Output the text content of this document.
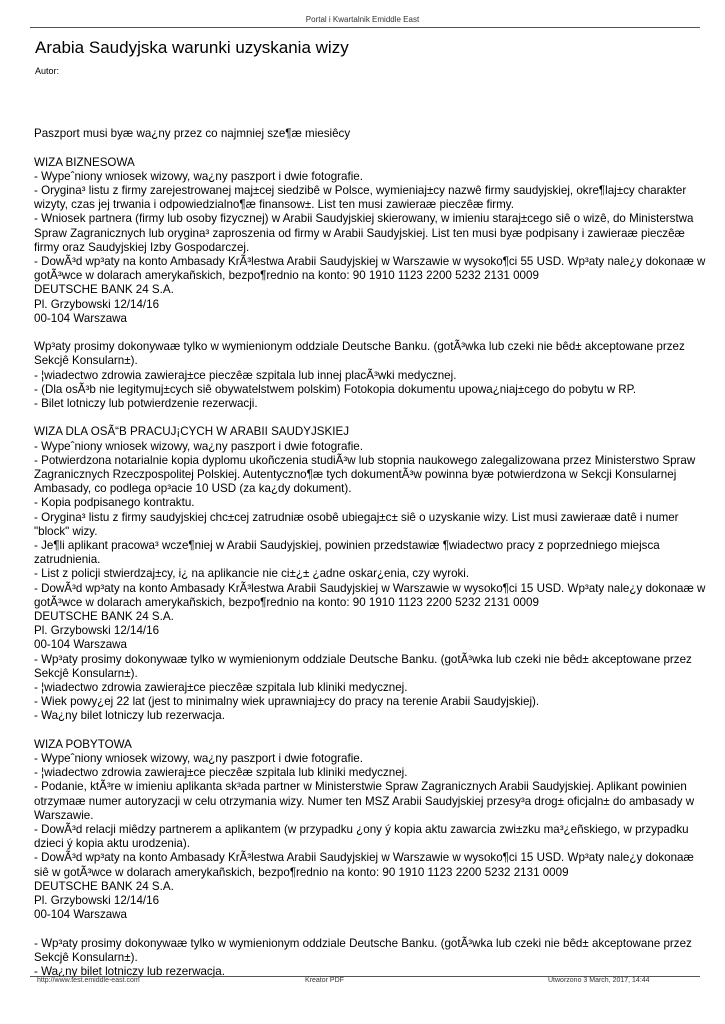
Portal i Kwartalnik Emiddle East
Arabia Saudyjska warunki uzyskania wizy
Autor:
Paszport musi byæ wa¿ny przez co najmniej sze¶æ miesiêcy
WIZA BIZNESOWA
- Wypeˆniony wniosek wizowy, wa¿ny paszport i dwie fotografie.
- Orygina³ listu z firmy zarejestrowanej maj±cej siedzibê w Polsce, wymieniaj±cy nazwê firmy saudyjskiej, okre¶laj±cy charakter wizyty, czas jej trwania i odpowiedzialno¶æ finansow±. List ten musi zawieraæ pieczêæ firmy.
- Wniosek partnera (firmy lub osoby fizycznej) w Arabii Saudyjskiej skierowany, w imieniu staraj±cego siê o wizê, do Ministerstwa Spraw Zagranicznych lub orygina³ zaproszenia od firmy w Arabii Saudyjskiej. List ten musi byæ podpisany i zawieraæ pieczêæ firmy oraz Saudyjskiej Izby Gospodarczej.
- DowÃ³d wp³aty na konto Ambasady KrÃ³lestwa Arabii Saudyjskiej w Warszawie w wysoko¶ci 55 USD. Wp³aty nale¿y dokonaæ w gotÃ³wce w dolarach amerykañskich, bezpo¶rednio na konto: 90 1910 1123 2200 5232 2131 0009
DEUTSCHE BANK 24 S.A.
Pl. Grzybowski 12/14/16
00-104 Warszawa
Wp³aty prosimy dokonywaæ tylko w wymienionym oddziale Deutsche Banku. (gotÃ³wka lub czeki nie bêd± akceptowane przez Sekcjê Konsularn±).
- ¦wiadectwo zdrowia zawieraj±ce pieczêæ szpitala lub innej placÃ³wki medycznej.
- (Dla osÃ³b nie legitymuj±cych siê obywatelstwem polskim) Fotokopia dokumentu upowa¿niaj±cego do pobytu w RP.
- Bilet lotniczy lub potwierdzenie rezerwacji.
WIZA DLA OSÃ“B PRACUJ¡CYCH W ARABII SAUDYJSKIEJ
- Wypeˆniony wniosek wizowy, wa¿ny paszport i dwie fotografie.
- Potwierdzona notarialnie kopia dyplomu ukoñczenia studiÃ³w lub stopnia naukowego zalegalizowana przez Ministerstwo Spraw Zagranicznych Rzeczpospolitej Polskiej. Autentyczno¶æ tych dokumentÃ³w powinna byæ potwierdzona w Sekcji Konsularnej Ambasady, co podlega op³acie 10 USD (za ka¿dy dokument).
- Kopia podpisanego kontraktu.
- Orygina³ listu z firmy saudyjskiej chc±cej zatrudniæ osobê ubiegaj±c± siê o uzyskanie wizy. List musi zawieraæ datê i numer "block" wizy.
- Je¶li aplikant pracowa³ wcze¶niej w Arabii Saudyjskiej, powinien przedstawiæ ¶wiadectwo pracy z poprzedniego miejsca zatrudnienia.
- List z policji stwierdzaj±cy, i¿ na aplikancie nie ci±¿± ¿adne oskar¿enia, czy wyroki.
- DowÃ³d wp³aty na konto Ambasady KrÃ³lestwa Arabii Saudyjskiej w Warszawie w wysoko¶ci 15 USD. Wp³aty nale¿y dokonaæ w gotÃ³wce w dolarach amerykañskich, bezpo¶rednio na konto: 90 1910 1123 2200 5232 2131 0009
DEUTSCHE BANK 24 S.A.
Pl. Grzybowski 12/14/16
00-104 Warszawa
- Wp³aty prosimy dokonywaæ tylko w wymienionym oddziale Deutsche Banku. (gotÃ³wka lub czeki nie bêd± akceptowane przez Sekcjê Konsularn±).
- ¦wiadectwo zdrowia zawieraj±ce pieczêæ szpitala lub kliniki medycznej.
- Wiek powy¿ej 22 lat (jest to minimalny wiek uprawniaj±cy do pracy na terenie Arabii Saudyjskiej).
- Wa¿ny bilet lotniczy lub rezerwacja.
WIZA POBYTOWA
- Wypeˆniony wniosek wizowy, wa¿ny paszport i dwie fotografie.
- ¦wiadectwo zdrowia zawieraj±ce pieczêæ szpitala lub kliniki medycznej.
- Podanie, ktÃ³re w imieniu aplikanta sk³ada partner w Ministerstwie Spraw Zagranicznych Arabii Saudyjskiej. Aplikant powinien otrzymaæ numer autoryzacji w celu otrzymania wizy. Numer ten MSZ Arabii Saudyjskiej przesy³a drog± oficjaln± do ambasady w Warszawie.
- DowÃ³d relacji miêdzy partnerem a aplikantem (w przypadku ¿ony ý kopia aktu zawarcia zwi±zku ma³¿eñskiego, w przypadku dzieci ý kopia aktu urodzenia).
- DowÃ³d wp³aty na konto Ambasady KrÃ³lestwa Arabii Saudyjskiej w Warszawie w wysoko¶ci 15 USD. Wp³aty nale¿y dokonaæ siê w gotÃ³wce w dolarach amerykañskich, bezpo¶rednio na konto: 90 1910 1123 2200 5232 2131 0009
DEUTSCHE BANK 24 S.A.
Pl. Grzybowski 12/14/16
00-104 Warszawa
- Wp³aty prosimy dokonywaæ tylko w wymienionym oddziale Deutsche Banku. (gotÃ³wka lub czeki nie bêd± akceptowane przez Sekcjê Konsularn±).
- Wa¿ny bilet lotniczy lub rezerwacja.
http://www.test.emiddle-east.com	Kreator PDF	Utworzono 3 March, 2017, 14:44
